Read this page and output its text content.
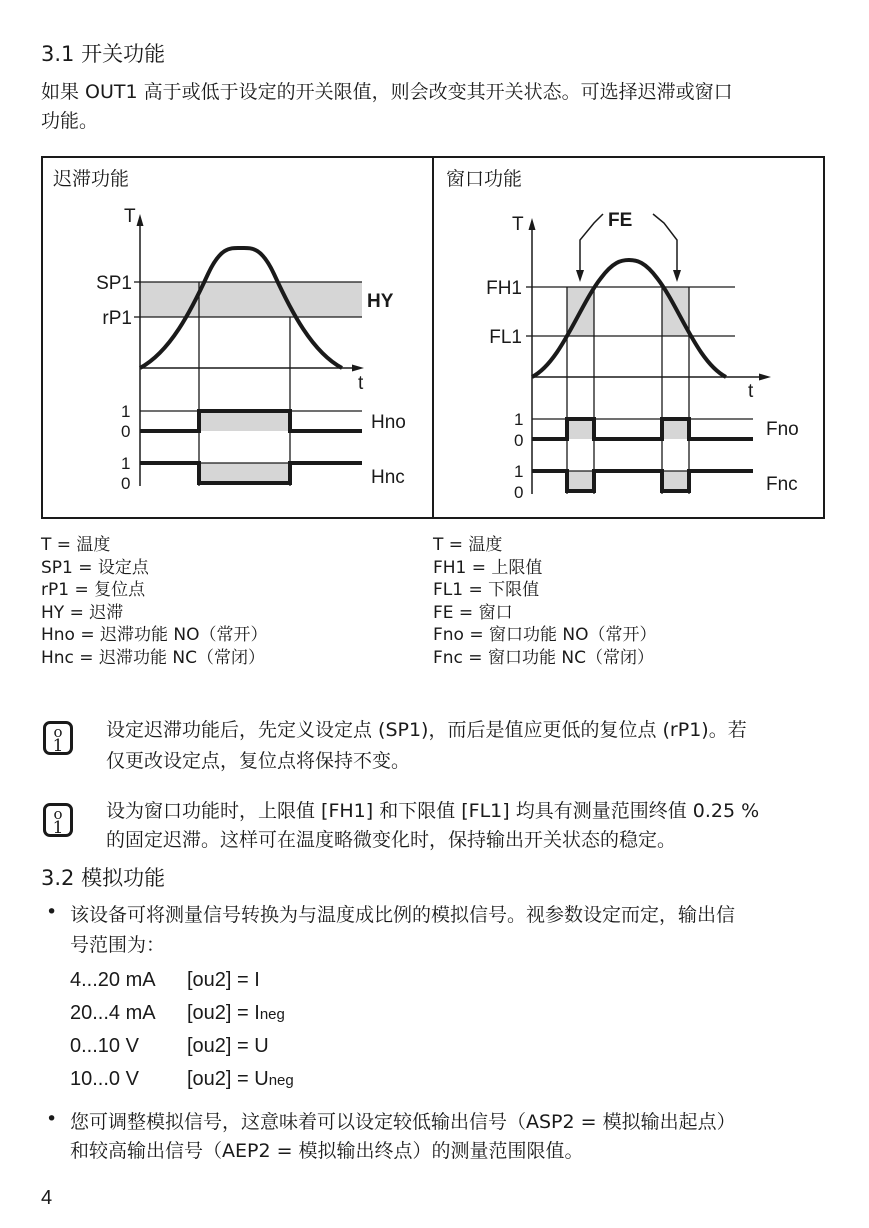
3.1 开关功能
如果 OUT1 高于或低于设定的开关限值，则会改变其开关状态。可选择迟滞或窗口
功能。
迟滞功能
T
SP1
rP1
HY
t
1
0
1
0
Hno
Hnc
窗口功能
T	FE
FH1
FL1
t
1
0
1
0
Fno
Fnc
T = 温度
SP1 = 设定点
rP1 = 复位点
HY = 迟滞
Hno = 迟滞功能 NO（常开）
Hnc = 迟滞功能 NC（常闭）
T = 温度
FH1 = 上限值
FL1 = 下限值
FE = 窗口
Fno = 窗口功能 NO（常开）
Fnc = 窗口功能 NC（常闭）
o
1
设定迟滞功能后，先定义设定点 (SP1)，而后是值应更低的复位点 (rP1)。若
仅更改设定点，复位点将保持不变。
o
1
设为窗口功能时，上限值 [FH1] 和下限值 [FL1] 均具有测量范围终值 0.25 %
的固定迟滞。这样可在温度略微变化时，保持输出开关状态的稳定。
3.2 模拟功能
• 该设备可将测量信号转换为与温度成比例的模拟信号。视参数设定而定，输出信
号范围为：
4...20 mA [ou2] = I
20...4 mA [ou2] = Ineg
0...10 V [ou2] = U
10...0 V [ou2] = Uneg
• 您可调整模拟信号，这意味着可以设定较低输出信号（ASP2 = 模拟输出起点）
和较高输出信号（AEP2 = 模拟输出终点）的测量范围限值。
4
